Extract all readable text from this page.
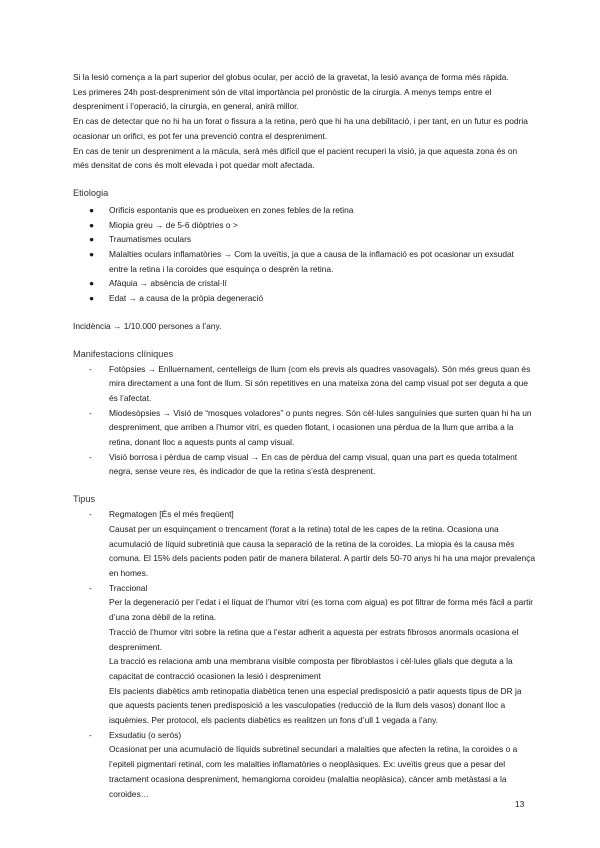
Si la lesió comença a la part superior del globus ocular, per acció de la gravetat, la lesió avança de forma més ràpida.

Les primeres 24h post-despreniment són de vital importància pel pronòstic de la cirurgia. A menys temps entre el despreniment i l’operació, la cirurgia, en general, anirà millor.

En cas de detectar que no hi ha un forat o fissura a la retina, però que hi ha una debilitació, i per tant, en un futur es podria ocasionar un orifici, es pot fer una prevenció contra el despreniment.

En cas de tenir un despreniment a la màcula, serà més difícil que el pacient recuperi la visió, ja que aquesta zona és on més densitat de cons és molt elevada i pot quedar molt afectada.

Etiologia
● Orificis espontanis que es produeixen en zones febles de la retina
● Miopia greu → de 5-6 diòptries o >
● Traumatismes oculars
● Malalties oculars inflamatòries → Com la uveïtis, ja que a causa de la inflamació es pot ocasionar un exsudat entre la retina i la coroides que esquinça o desprèn la retina.
● Afàquia → absència de cristal·lí
● Edat → a causa de la pròpia degeneració

Incidència → 1/10.000 persones a l’any.

Manifestacions clíniques
- Fotòpsies → Enlluernament, centelleigs de llum (com els previs als quadres vasovagals). Són més greus quan és mira directament a una font de llum. Si són repetitives en una mateixa zona del camp visual pot ser deguta a que és l’afectat.
- Miodesòpsies → Visió de “mosques voladores” o punts negres. Són cèl·lules sanguínies que surten quan hi ha un despreniment, que arriben a l’humor vitri, es queden flotant, i ocasionen una pèrdua de la llum que arriba a la retina, donant lloc a aquests punts al camp visual.
- Visió borrosa i pèrdua de camp visual → En cas de pèrdua del camp visual, quan una part es queda totalment negra, sense veure res, és indicador de que la retina s’està desprenent.
Tipus
- Regmatogen [És el més freqüent]

Causat per un esquinçament o trencament (forat a la retina) total de les capes de la retina. Ocasiona una acumulació de líquid subretinià que causa la separació de la retina de la coroides. La miopia és la causa més comuna. El 15% dels pacients poden patir de manera bilateral. A partir dels 50-70 anys hi ha una major prevalença en homes.

- Traccional

Per la degeneració per l’edat i el líquat de l’humor vitri (es torna com aigua) es pot filtrar de forma més fàcil a partir d’una zona dèbil de la retina.

Tracció de l’humor vitri sobre la retina que a l’estar adherit a aquesta per estrats fibrosos anormals ocasiona el despreniment.

La tracció es relaciona amb una membrana visible composta per fibroblastos i cèl·lules glials que deguta a la capacitat de contracció ocasionen la lesió i despreniment

Els pacients diabètics amb retinopatia diabètica tenen una especial predisposició a patir aquests tipus de DR ja que aquests pacients tenen predisposició a les vasculopaties (reducció de la llum dels vasos) donant lloc a isquèmies. Per protocol, els pacients diabètics es realitzen un fons d’ull 1 vegada a l’any.

- Exsudatiu (o serós)

Ocasionat per una acumulació de líquids subretinal secundari a malalties que afecten la retina, la coroides o a l’epiteli pigmentari retinal, com les malalties inflamatòries o neoplàsiques. Ex: uveïtis greus que a pesar del tractament ocasiona despreniment, hemangioma coroideu (malaltia neoplàsica), càncer amb metàstasi a la coroides…

13
